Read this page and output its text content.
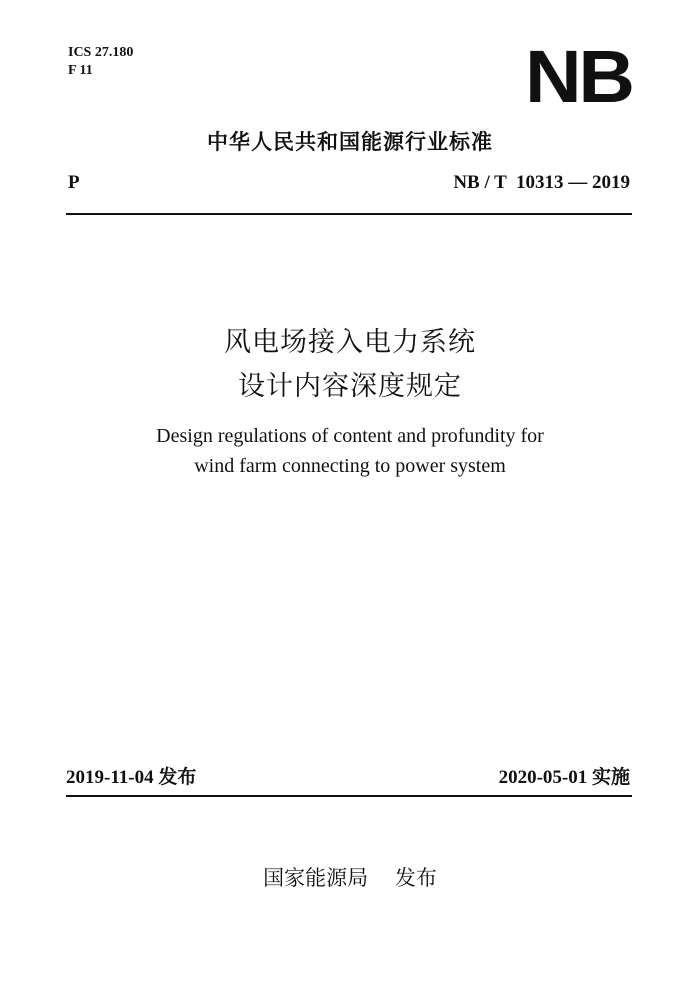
ICS 27.180
F 11	NB
中华人民共和国能源行业标准
P	NB / T  10313 — 2019
风电场接入电力系统
设计内容深度规定
Design regulations of content and profundity for
wind farm connecting to power system
2019-11-04 发布	2020-05-01 实施
国家能源局 发布
